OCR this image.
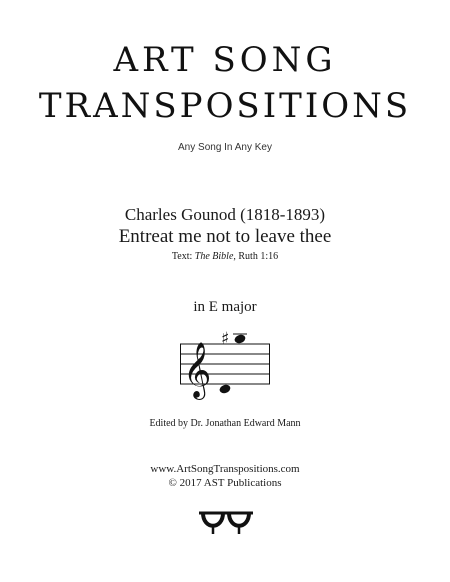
ART SONG
TRANSPOSITIONS
Any Song In Any Key
Charles Gounod (1818-1893)
Entreat me not to leave thee
Text: The Bible, Ruth 1:16
in E major
𝄞
♯
Edited by Dr. Jonathan Edward Mann
www.ArtSongTranspositions.com
© 2017 AST Publications
